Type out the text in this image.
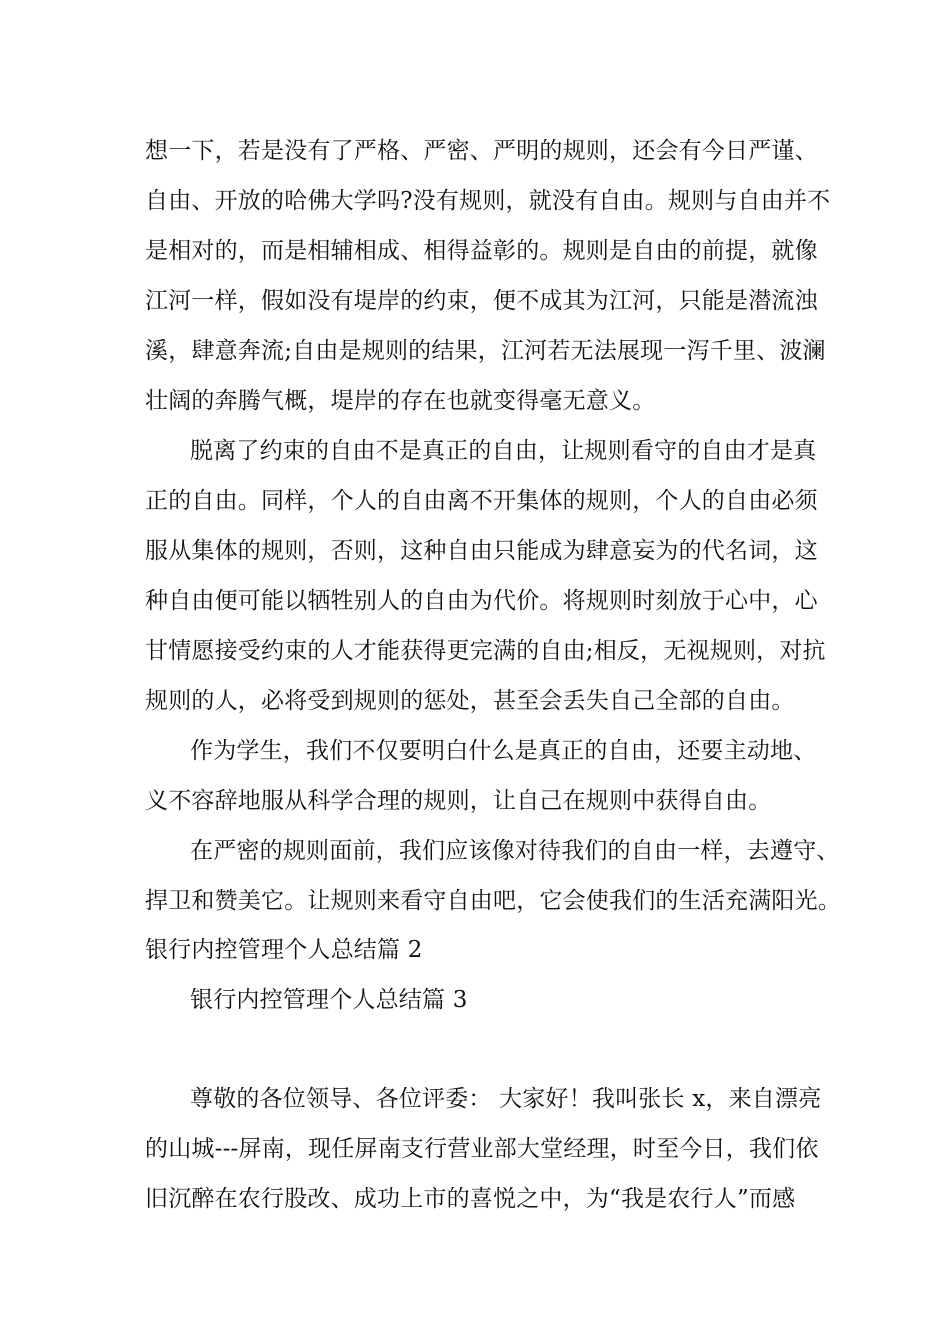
想一下，若是没有了严格、严密、严明的规则，还会有今日严谨、
自由、开放的哈佛大学吗?没有规则，就没有自由。规则与自由并不
是相对的，而是相辅相成、相得益彰的。规则是自由的前提，就像
江河一样，假如没有堤岸的约束，便不成其为江河，只能是潜流浊
溪，肆意奔流;自由是规则的结果，江河若无法展现一泻千里、波澜
壮阔的奔腾气概，堤岸的存在也就变得毫无意义。
脱离了约束的自由不是真正的自由，让规则看守的自由才是真
正的自由。同样，个人的自由离不开集体的规则，个人的自由必须
服从集体的规则，否则，这种自由只能成为肆意妄为的代名词，这
种自由便可能以牺牲别人的自由为代价。将规则时刻放于心中，心
甘情愿接受约束的人才能获得更完满的自由;相反，无视规则，对抗
规则的人，必将受到规则的惩处，甚至会丢失自己全部的自由。
作为学生，我们不仅要明白什么是真正的自由，还要主动地、
义不容辞地服从科学合理的规则，让自己在规则中获得自由。
在严密的规则面前，我们应该像对待我们的自由一样，去遵守、
捍卫和赞美它。让规则来看守自由吧，它会使我们的生活充满阳光。
银行内控管理个人总结篇 2
银行内控管理个人总结篇 3
尊敬的各位领导、各位评委： 大家好！我叫张长 x，来自漂亮
的山城---屏南，现任屏南支行营业部大堂经理，时至今日，我们依
旧沉醉在农行股改、成功上市的喜悦之中，为“我是农行人”而感
